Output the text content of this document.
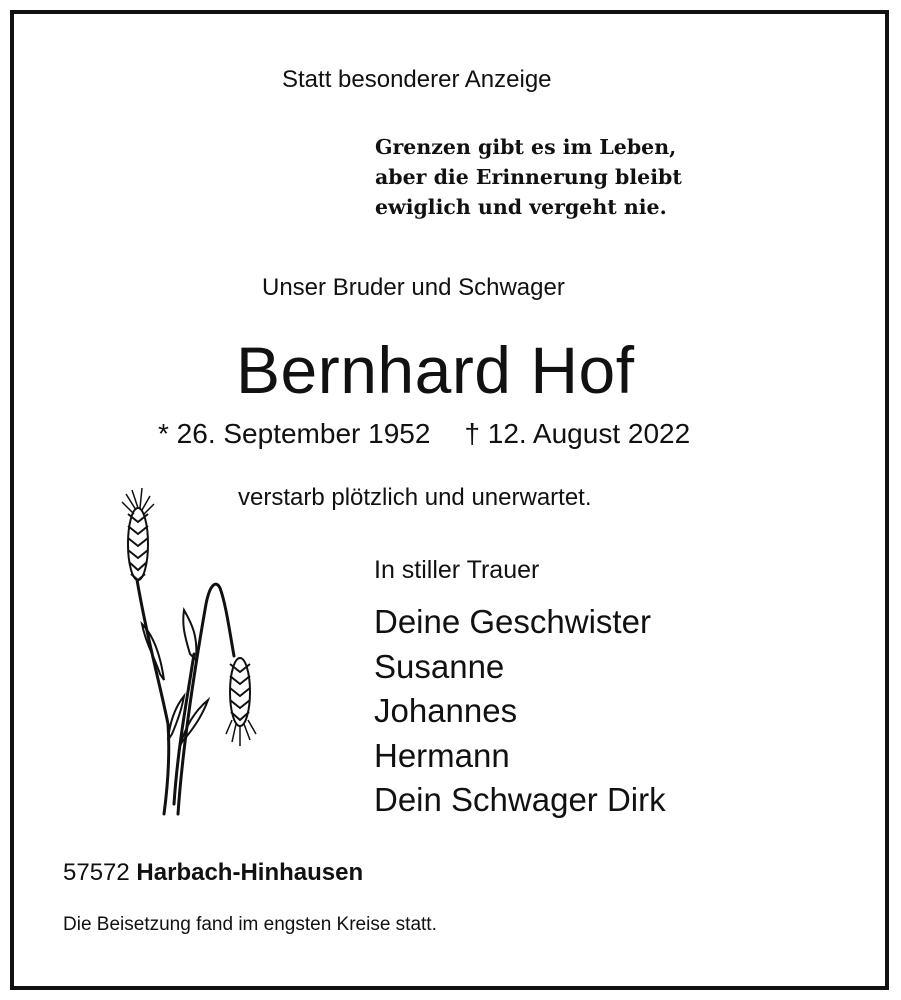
Statt besonderer Anzeige
Grenzen gibt es im Leben,
aber die Erinnerung bleibt
ewiglich und vergeht nie.
Unser Bruder und Schwager
Bernhard Hof
* 26. September 1952 † 12. August 2022
verstarb plötzlich und unerwartet.
In stiller Trauer
Deine Geschwister
Susanne
Johannes
Hermann
Dein Schwager Dirk
57572 Harbach-Hinhausen
Die Beisetzung fand im engsten Kreise statt.
